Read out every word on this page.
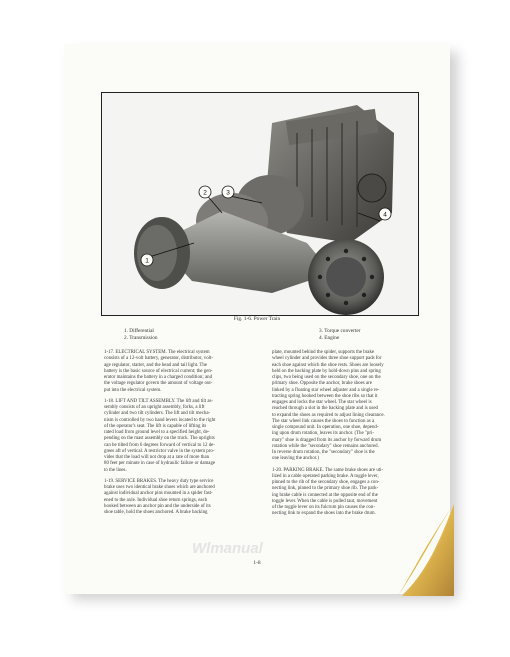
1
2	3
4
Fig. 1-6. Power Train
1. Differential
2. Transmission
3. Torque converter
4. Engine

1-17. ELECTRICAL SYSTEM. The electrical system
consists of a 12-volt battery, generator, distributor, volt-
age regulator, starter, and the head and tail light. The
battery is the basic source of electrical current; the gen-
erator maintains the battery in a charged condition; and
the voltage regulator govern the amount of voltage out-
put into the electrical system.

1-18. LIFT AND TILT ASSEMBLY. The lift and tilt as-
sembly consists of an upright assembly, forks, a lift
cylinder and two tilt cylinders. The lift and tilt mecha-
nism is controlled by two hand levers located to the right
of the operator's seat. The lift is capable of lifting its
rated load from ground level to a specified height, de-
pending on the mast assembly on the truck. The uprights
can be tilted from 6 degrees forward of vertical to 12 de-
grees aft of vertical. A restrictor valve in the system pro-
vides that the load will not drop at a rate of more than
80 feet per minute in case of hydraulic failure or damage
to the lines.

1-19. SERVICE BRAKES. The heavy duty type service
brake uses two identical brake shoes which are anchored
against individual anchor pins mounted in a spider fast-
ened to the axle. Individual shoe return springs, each
hooked between an anchor pin and the underside of its
shoe table, hold the shoes anchored. A brake backing

plate, mounted behind the spider, supports the brake
wheel cylinder and provides three shoe support pads for
each shoe against which the shoe rests. Shoes are loosely
held on the backing plate by hold-down pins and spring
clips, two being used on the secondary shoe, one on the
primary shoe. Opposite the anchor, brake shoes are
linked by a floating star wheel adjuster and a single re-
tracting spring hooked between the shoe ribs so that it
engages and locks the star wheel. The star wheel is
reached through a slot in the backing plate and is used
to expand the shoes as required to adjust lining clearance.
The star wheel link causes the shoes to function as a
single compound unit. In operation, one shoe, depend-
ing upon drum rotation, leaves its anchor. (The "pri-
mary" shoe is dragged from its anchor by forward drum
rotation while the "secondary" shoe remains anchored.
In reverse drum rotation, the "secondary" shoe is the
one leaving the anchor.)

1-20. PARKING BRAKE. The same brake shoes are uti-
lized in a cable operated parking brake. A toggle lever,
pinned to the rib of the secondary shoe, engages a con-
necting link, pinned to the primary shoe rib. The park-
ing brake cable is connected at the opposite end of the
toggle lever. When the cable is pulled taut, movement
of the toggle lever on its fulcrum pin causes the con-
necting link to expand the shoes into the brake drum.

Wlmanual
1-8
